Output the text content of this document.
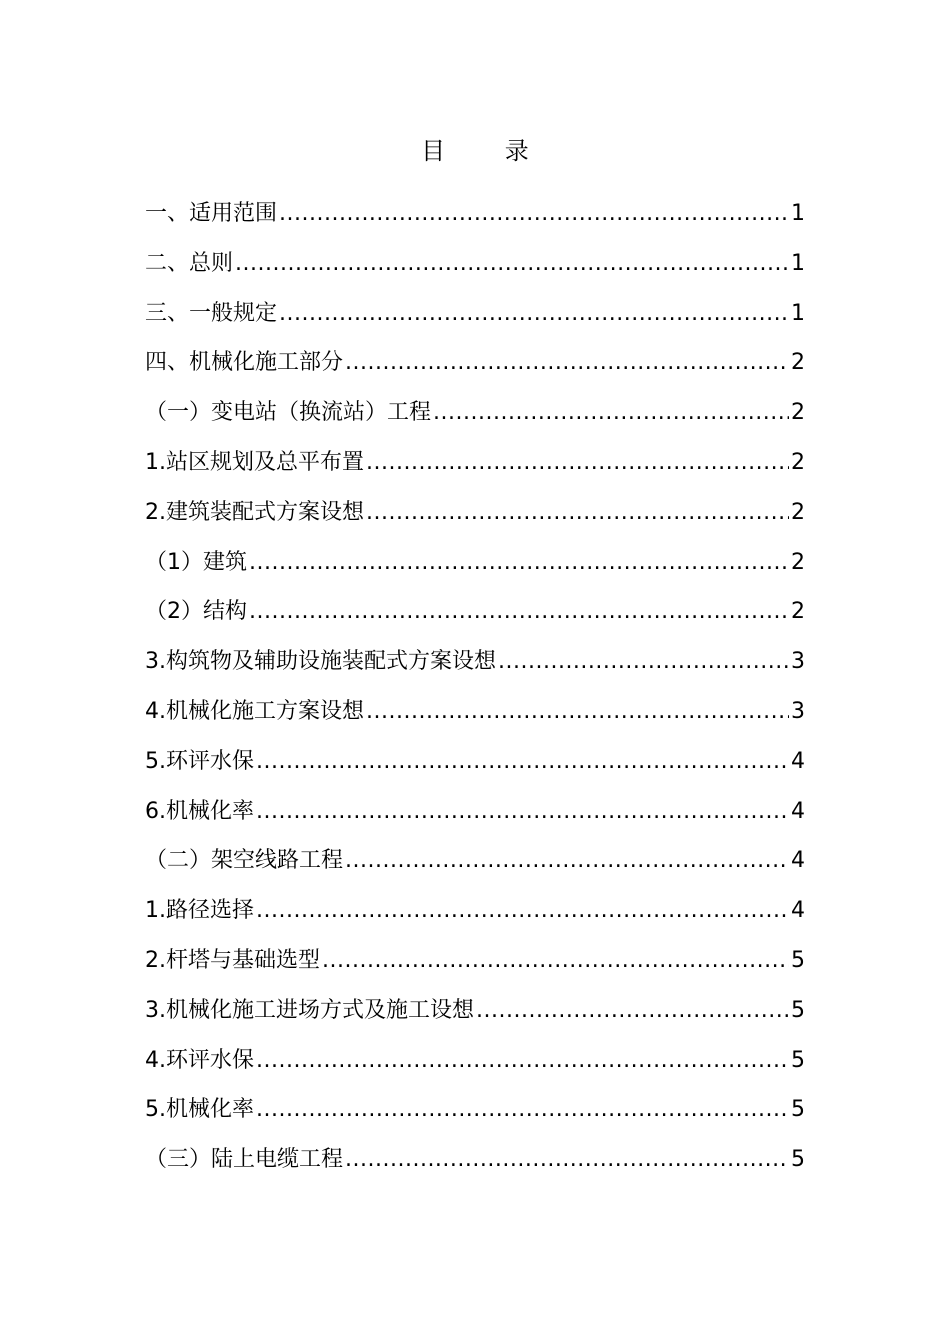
目 录
一、适用范围 .....	1
二、总则 .....	1
三、一般规定 .....	1
四、机械化施工部分 .....	2
（一）变电站（换流站）工程 .....	2
1.站区规划及总平布置 .....	2
2.建筑装配式方案设想 .....	2
（1）建筑 .....	2
（2）结构 .....	2
3.构筑物及辅助设施装配式方案设想 .....	3
4.机械化施工方案设想 .....	3
5.环评水保 .....	4
6.机械化率 .....	4
（二）架空线路工程 .....	4
1.路径选择 .....	4
2.杆塔与基础选型 .....	5
3.机械化施工进场方式及施工设想 .....	5
4.环评水保 .....	5
5.机械化率 .....	5
（三）陆上电缆工程 .....	5
